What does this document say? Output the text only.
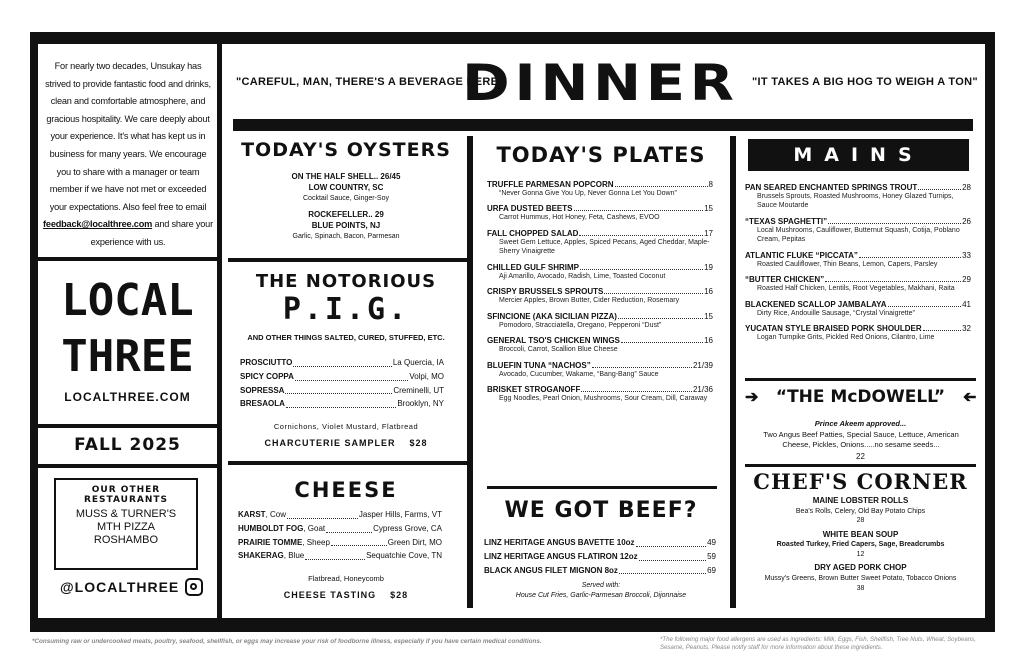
For nearly two decades, Unsukay has strived to provide fantastic food and drinks, clean and comfortable atmosphere, and gracious hospitality. We care deeply about your experience. It's what has kept us in business for many years. We encourage you to share with a manager or team member if we have not met or exceeded your expectations. Also feel free to email feedback@localthree.com and share your experience with us.
LOCAL
THREE
LOCALTHREE.COM
FALL 2025
OUR OTHER RESTAURANTS
MUSS & TURNER'S
MTH PIZZA
ROSHAMBO
@LOCALTHREE
"CAREFUL, MAN, THERE'S A BEVERAGE HERE"
DINNER "IT TAKES A BIG HOG TO WEIGH A TON"
TODAY'S OYSTERS
ON THE HALF SHELL.. 26/45
LOW COUNTRY, SC
Cocktail Sauce, Ginger-Soy
ROCKEFELLER.. 29
BLUE POINTS, NJ
Garlic, Spinach, Bacon, Parmesan
THE NOTORIOUS
P.I.G.
AND OTHER THINGS SALTED, CURED, STUFFED, ETC.
PROSCIUTTO	La Quercia, IA
SPICY COPPA	Volpi, MO
SOPRESSA	Creminelli, UT
BRESAOLA	Brooklyn, NY
Cornichons, Violet Mustard, Flatbread
CHARCUTERIE SAMPLER $28
CHEESE
KARST, Cow	Jasper Hills, Farms, VT
HUMBOLDT FOG, Goat	Cypress Grove, CA
PRAIRIE TOMME, Sheep	Green Dirt, MO
SHAKERAG, Blue	Sequatchie Cove, TN
Flatbread, Honeycomb
CHEESE TASTING $28
TODAY'S PLATES
TRUFFLE PARMESAN POPCORN	8
“Never Gonna Give You Up, Never Gonna Let You Down”
URFA DUSTED BEETS	15
Carrot Hummus, Hot Honey, Feta, Cashews, EVOO
FALL CHOPPED SALAD	17
Sweet Gem Lettuce, Apples, Spiced Pecans, Aged Cheddar, Maple-Sherry Vinaigrette
CHILLED GULF SHRIMP	19
Aji Amarillo, Avocado, Radish, Lime, Toasted Coconut
CRISPY BRUSSELS SPROUTS	16
Mercier Apples, Brown Butter, Cider Reduction, Rosemary
SFINCIONE (AKA SICILIAN PIZZA)	15
Pomodoro, Stracciatella, Oregano, Pepperoni “Dust”
GENERAL TSO'S CHICKEN WINGS	16
Broccoli, Carrot, Scallion Blue Cheese
BLUEFIN TUNA “NACHOS”	21/39
Avocado, Cucumber, Wakame, “Bang-Bang” Sauce
BRISKET STROGANOFF	21/36
Egg Noodles, Pearl Onion, Mushrooms, Sour Cream, Dill, Caraway
WE GOT BEEF?
LINZ HERITAGE ANGUS BAVETTE 10oz	49
LINZ HERITAGE ANGUS FLATIRON 12oz	59
BLACK ANGUS FILET MIGNON 8oz	69
Served with:
House Cut Fries, Garlic-Parmesan Broccoli, Dijonnaise
MAINS
PAN SEARED ENCHANTED SPRINGS TROUT	28
Brussels Sprouts, Roasted Mushrooms, Honey Glazed Turnips, Sauce Moutarde
“TEXAS SPAGHETTI”	26
Local Mushrooms, Cauliflower, Butternut Squash, Cotija, Poblano Cream, Pepitas
ATLANTIC FLUKE “PICCATA”	33
Roasted Cauliflower, Thin Beans, Lemon, Capers, Parsley
“BUTTER CHICKEN”	29
Roasted Half Chicken, Lentils, Root Vegetables, Makhani, Raita
BLACKENED SCALLOP JAMBALAYA	41
Dirty Rice, Andouille Sausage, “Crystal Vinaigrette”
YUCATAN STYLE BRAISED PORK SHOULDER	32
Logan Turnpike Grits, Pickled Red Onions, Cilantro, Lime
➔ “THE McDOWELL” ➔
Prince Akeem approved...
Two Angus Beef Patties, Special Sauce, Lettuce, American Cheese, Pickles, Onions.....no sesame seeds...
22
CHEF'S CORNER
MAINE LOBSTER ROLLS
Bea's Rolls, Celery, Old Bay Potato Chips
28
WHITE BEAN SOUP
Roasted Turkey, Fried Capers, Sage, Breadcrumbs
12
DRY AGED PORK CHOP
Mussy's Greens, Brown Butter Sweet Potato, Tobacco Onions
38
*Consuming raw or undercooked meats, poultry, seafood, shellfish, or eggs may increase your risk of foodborne illness, especially if you have certain medical conditions.	*The following major food allergens are used as ingredients: Milk, Eggs, Fish, Shellfish, Tree Nuts, Wheat, Soybeans, Sesame, Peanuts. Please notify staff for more information about these ingredients.
